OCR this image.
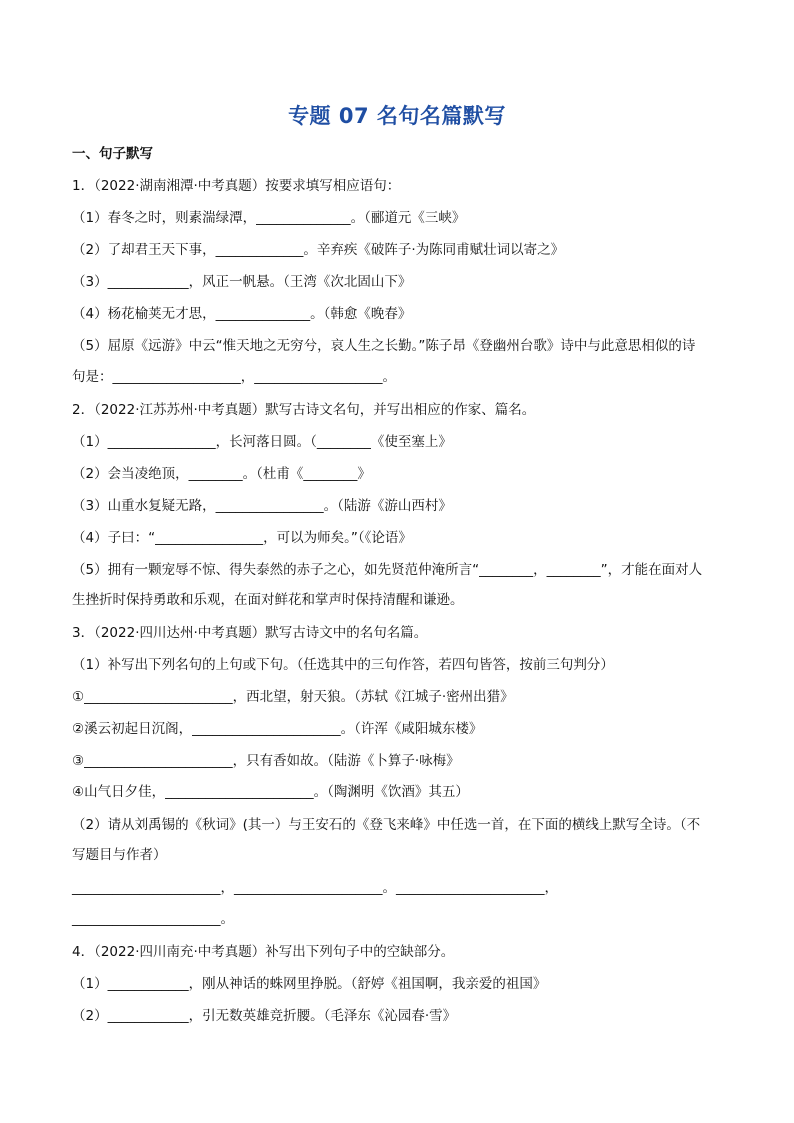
专题 07 名句名篇默写
一、句子默写
1．（2022·湖南湘潭·中考真题）按要求填写相应语句：
（1）春冬之时，则素湍绿潭，______________。（郦道元《三峡》
（2）了却君王天下事，_____________。辛弃疾《破阵子·为陈同甫赋壮词以寄之》
（3）____________，风正一帆悬。（王湾《次北固山下》
（4）杨花榆荚无才思，______________。（韩愈《晚春》
（5）屈原《远游》中云“惟天地之无穷兮，哀人生之长勤。”陈子昂《登幽州台歌》诗中与此意思相似的诗
句是：___________________，___________________。
2．（2022·江苏苏州·中考真题）默写古诗文名句，并写出相应的作家、篇名。
（1）________________，长河落日圆。（________《使至塞上》
（2）会当凌绝顶，________。（杜甫《________》
（3）山重水复疑无路，________________。（陆游《游山西村》
（4）子曰：“________________，可以为师矣。”（《论语》
（5）拥有一颗宠辱不惊、得失泰然的赤子之心，如先贤范仲淹所言“________，________”，才能在面对人
生挫折时保持勇敢和乐观，在面对鲜花和掌声时保持清醒和谦逊。
3．（2022·四川达州·中考真题）默写古诗文中的名句名篇。
（1）补写出下列名句的上句或下句。（任选其中的三句作答，若四句皆答，按前三句判分）
①______________________，西北望，射天狼。（苏轼《江城子·密州出猎》
②溪云初起日沉阁，______________________。（许浑《咸阳城东楼》
③______________________，只有香如故。（陆游《卜算子·咏梅》
④山气日夕佳，______________________。（陶渊明《饮酒》其五）
（2）请从刘禹锡的《秋词》(其一）与王安石的《登飞来峰》中任选一首，在下面的横线上默写全诗。（不
写题目与作者）
______________________，______________________。______________________，
______________________。
4．（2022·四川南充·中考真题）补写出下列句子中的空缺部分。
（1）____________，刚从神话的蛛网里挣脱。（舒婷《祖国啊，我亲爱的祖国》
（2）____________，引无数英雄竞折腰。（毛泽东《沁园春·雪》
